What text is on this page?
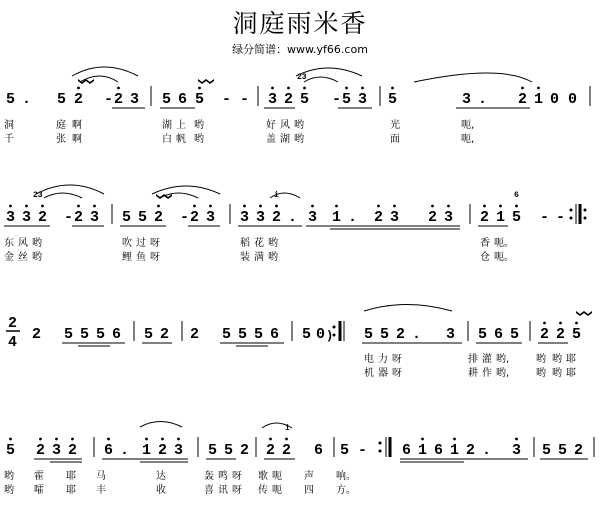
洞庭雨米香
绿分简谱：www.yf66.com
2
4	)
5 . 5 2 - 2 3 5 6 5 - - 3 2 5 - 5 3 5	3 . 2 1 0 0
3 3 2 - 2 3 5 5 2 - 2 3 3 3 2 . 3 1 . 2 3 2 3 2 1 5 - -
2 5 5 5 6 5 2 2 5 5 5 6 5 0	5 5 2 . 3 5 6 5 2 2 5
5 2 3 2 6 . 1 2 3 5 5 2 2 2 6 5 - 6 1 6 1 2 . 3 5 5 2
洞	庭 啊	湖 上 哟	好 风 哟	光	呃,
千	张 啊	白 帆 哟	盖 湖 哟	面	呃,
东 风 哟	吹 过 呀	稻 花 哟	香 呃。
金 丝 哟	鲤 鱼 呀	装 满 哟	仓 呃。
电 力 呀	排 灌 哟,	哟 哟 耶
机 器 呀	耕 作 哟,	哟 哟 耶
哟 霍 耶 马	达	轰 鸣 呀 歌 呃 声 响。
哟 嚯 耶 丰	收	喜 讯 呀 传 呃 四 方。
23
23	i	6
i
